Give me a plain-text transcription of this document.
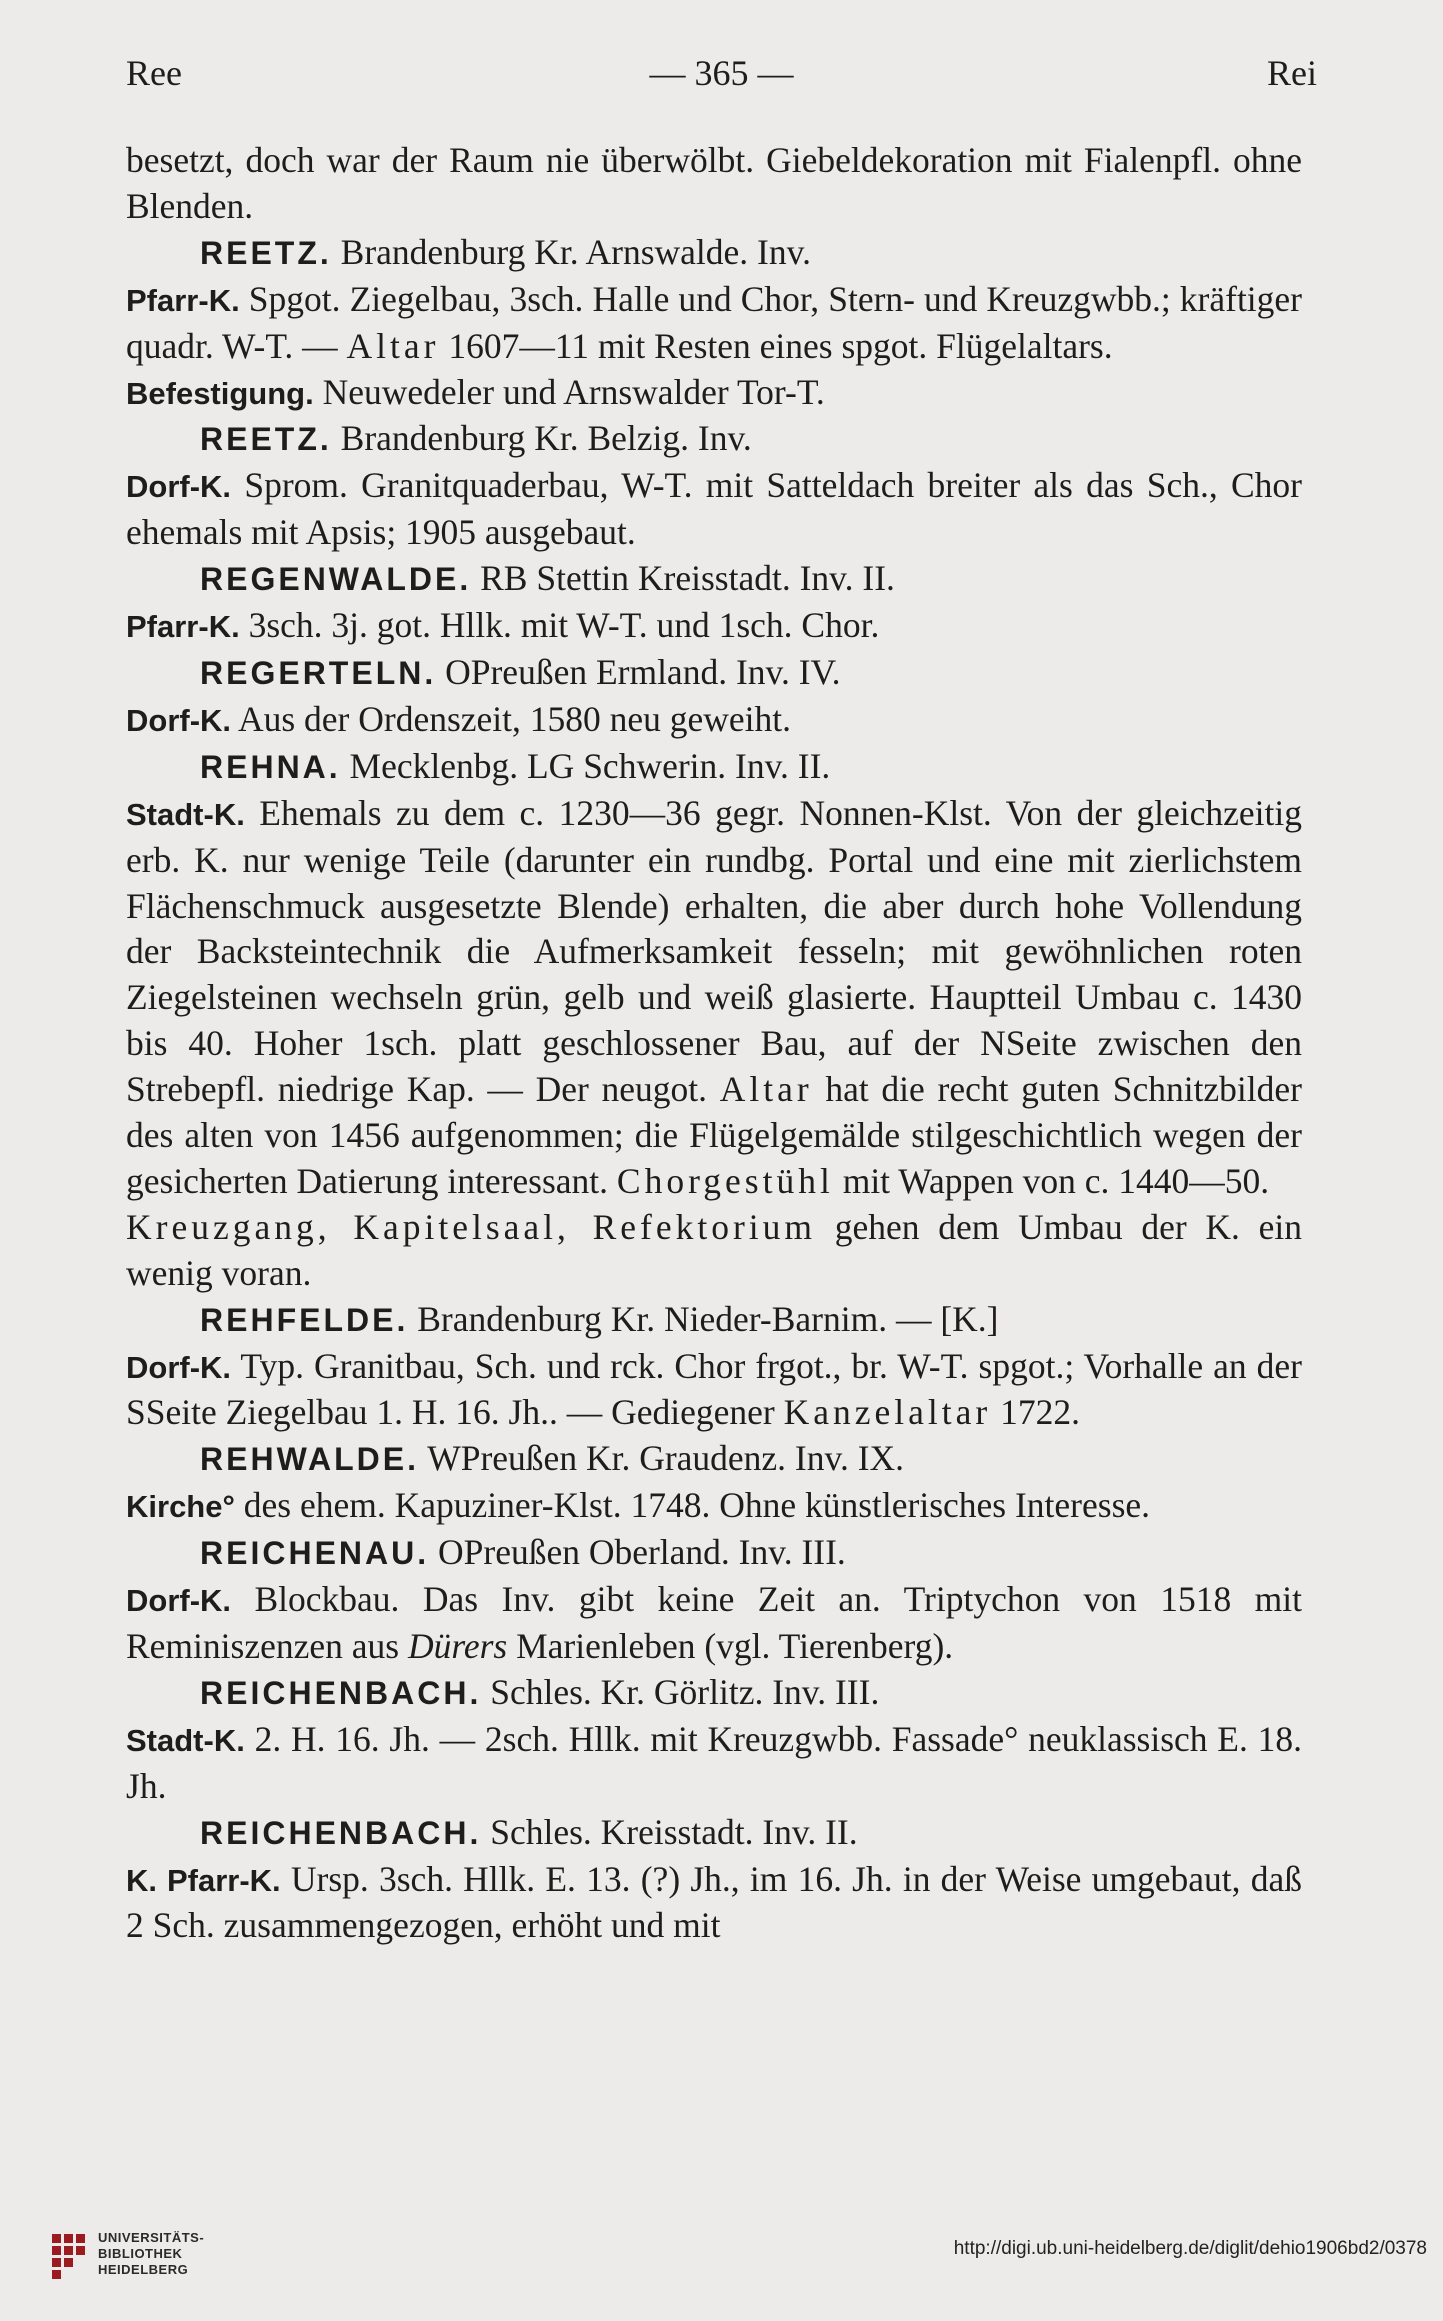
Ree	— 365 —	Rei

besetzt, doch war der Raum nie überwölbt. Giebeldekoration mit Fialenpfl. ohne Blenden.

REETZ. Brandenburg Kr. Arnswalde. Inv.

Pfarr-K. Spgot. Ziegelbau, 3sch. Halle und Chor, Stern- und Kreuzgwbb.; kräftiger quadr. W-T. — Altar 1607—11 mit Resten eines spgot. Flügelaltars.

Befestigung. Neuwedeler und Arnswalder Tor-T.

REETZ. Brandenburg Kr. Belzig. Inv.

Dorf-K. Sprom. Granitquaderbau, W-T. mit Satteldach breiter als das Sch., Chor ehemals mit Apsis; 1905 ausgebaut.

REGENWALDE. RB Stettin Kreisstadt. Inv. II.

Pfarr-K. 3sch. 3j. got. Hllk. mit W-T. und 1sch. Chor.

REGERTELN. OPreußen Ermland. Inv. IV.

Dorf-K. Aus der Ordenszeit, 1580 neu geweiht.

REHNA. Mecklenbg. LG Schwerin. Inv. II.

Stadt-K. Ehemals zu dem c. 1230—36 gegr. Nonnen-Klst. Von der gleichzeitig erb. K. nur wenige Teile (darunter ein rundbg. Portal und eine mit zierlichstem Flächenschmuck ausgesetzte Blende) erhalten, die aber durch hohe Vollendung der Backsteintechnik die Aufmerksamkeit fesseln; mit gewöhnlichen roten Ziegelsteinen wechseln grün, gelb und weiß glasierte. Hauptteil Umbau c. 1430 bis 40. Hoher 1sch. platt geschlossener Bau, auf der NSeite zwischen den Strebepfl. niedrige Kap. — Der neugot. Altar hat die recht guten Schnitzbilder des alten von 1456 aufgenommen; die Flügelgemälde stilgeschichtlich wegen der gesicherten Datierung interessant. Chorgestühl mit Wappen von c. 1440—50.

Kreuzgang, Kapitelsaal, Refektorium gehen dem Umbau der K. ein wenig voran.

REHFELDE. Brandenburg Kr. Nieder-Barnim. — [K.]

Dorf-K. Typ. Granitbau, Sch. und rck. Chor frgot., br. W-T. spgot.; Vorhalle an der SSeite Ziegelbau 1. H. 16. Jh.. — Gediegener Kanzelaltar 1722.

REHWALDE. WPreußen Kr. Graudenz. Inv. IX.

Kirche° des ehem. Kapuziner-Klst. 1748. Ohne künstlerisches Interesse.

REICHENAU. OPreußen Oberland. Inv. III.

Dorf-K. Blockbau. Das Inv. gibt keine Zeit an. Triptychon von 1518 mit Reminiszenzen aus Dürers Marienleben (vgl. Tierenberg).

REICHENBACH. Schles. Kr. Görlitz. Inv. III.

Stadt-K. 2. H. 16. Jh. — 2sch. Hllk. mit Kreuzgwbb. Fassade° neuklassisch E. 18. Jh.

REICHENBACH. Schles. Kreisstadt. Inv. II.

K. Pfarr-K. Ursp. 3sch. Hllk. E. 13. (?) Jh., im 16. Jh. in der Weise umgebaut, daß 2 Sch. zusammengezogen, erhöht und mit

UNIVERSITÄTS-
BIBLIOTHEK
HEIDELBERG
http://digi.ub.uni-heidelberg.de/diglit/dehio1906bd2/0378
